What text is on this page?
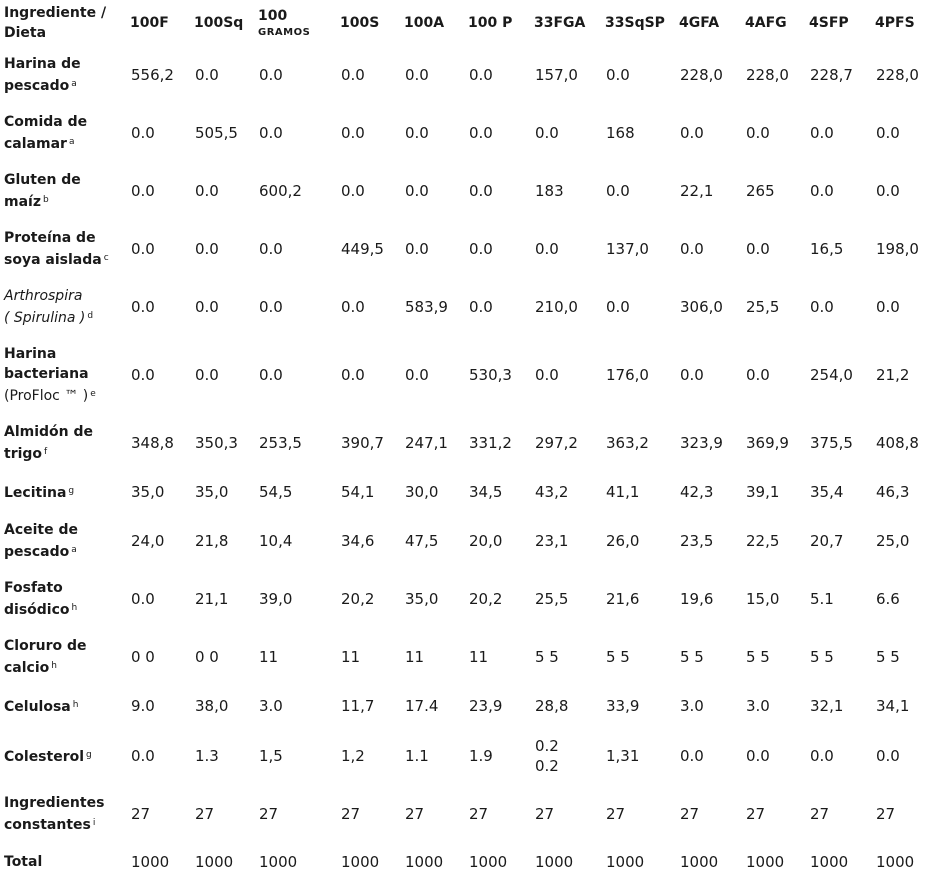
Ingrediente /
Dieta	100F	100Sq	100
GRAMOS	100S	100A	100 P	33FGA	33SqSP	4GFA	4AFG	4SFP	4PFS

Harina de pescado $^a$	556,2	0.0	0.0	0.0	0.0	0.0	157,0	0.0	228,0	228,0	228,7	228,0

Comida de calamar $^a$	0.0	505,5	0.0	0.0	0.0	0.0	0.0	168	0.0	0.0	0.0	0.0

Gluten de maíz $^b$	0.0	0.0	600,2	0.0	0.0	0.0	183	0.0	22,1	265	0.0	0.0

Proteína de soya aislada $^c$	0.0	0.0	0.0	449,5	0.0	0.0	0.0	137,0	0.0	0.0	16,5	198,0

Arthrospira
( Spirulina ) $^d$	0.0	0.0	0.0	0.0	583,9	0.0	210,0	0.0	306,0	25,5	0.0	0.0

Harina bacteriana
(ProFloc ™ ) $^e$	0.0	0.0	0.0	0.0	0.0	530,3	0.0	176,0	0.0	0.0	254,0	21,2

Almidón de trigo $^f$	348,8	350,3	253,5	390,7	247,1	331,2	297,2	363,2	323,9	369,9	375,5	408,8

Lecitina $^g$	35,0	35,0	54,5	54,1	30,0	34,5	43,2	41,1	42,3	39,1	35,4	46,3

Aceite de pescado $^a$	24,0	21,8	10,4	34,6	47,5	20,0	23,1	26,0	23,5	22,5	20,7	25,0

Fosfato disódico $^h$	0.0	21,1	39,0	20,2	35,0	20,2	25,5	21,6	19,6	15,0	5.1	6.6

Cloruro de calcio $^h$	0 0	0 0	11	11	11	11	5 5	5 5	5 5	5 5	5 5	5 5

Celulosa $^h$	9.0	38,0	3.0	11,7	17.4	23,9	28,8	33,9	3.0	3.0	32,1	34,1

Colesterol $^g$	0.0	1.3	1,5	1,2	1.1	1.9	0.2
0.2	1,31	0.0	0.0	0.0	0.0

Ingredientes constantes $^i$	27	27	27	27	27	27	27	27	27	27	27	27

Total	1000	1000	1000	1000	1000	1000	1000	1000	1000	1000	1000	1000
